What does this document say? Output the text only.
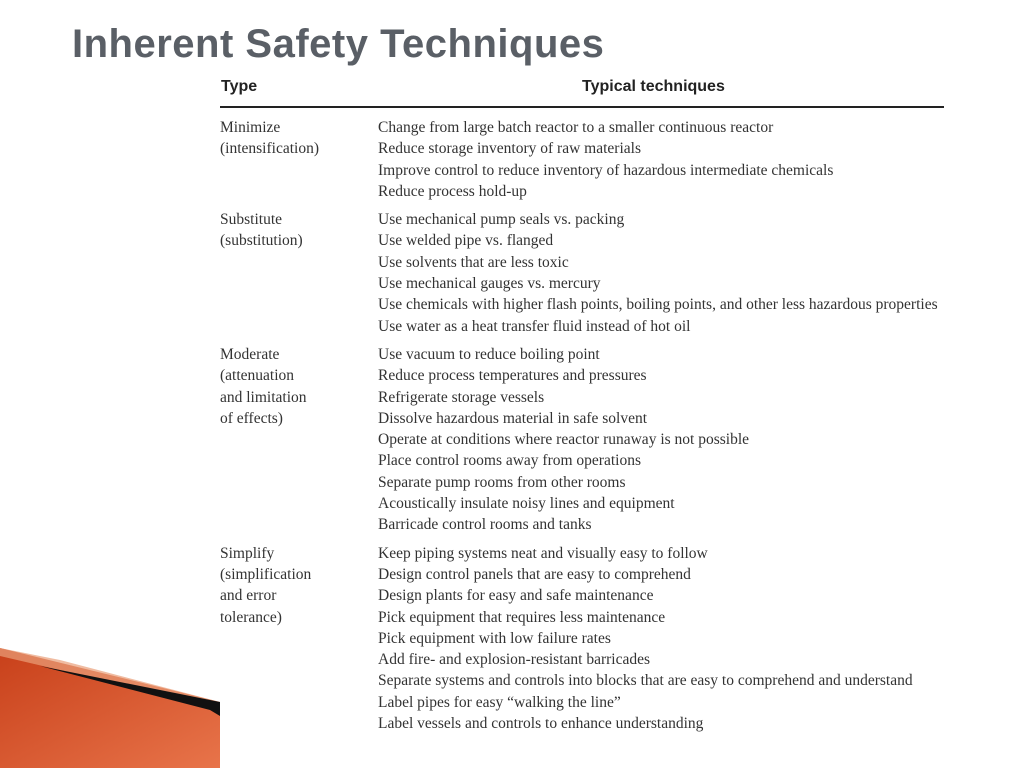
Inherent Safety Techniques
Type	Typical techniques
Minimize
(intensification)
Change from large batch reactor to a smaller continuous reactor
Reduce storage inventory of raw materials
Improve control to reduce inventory of hazardous intermediate chemicals
Reduce process hold-up
Substitute
(substitution)
Use mechanical pump seals vs. packing
Use welded pipe vs. flanged
Use solvents that are less toxic
Use mechanical gauges vs. mercury
Use chemicals with higher flash points, boiling points, and other less hazardous properties
Use water as a heat transfer fluid instead of hot oil
Moderate
(attenuation
and limitation
of effects)
Use vacuum to reduce boiling point
Reduce process temperatures and pressures
Refrigerate storage vessels
Dissolve hazardous material in safe solvent
Operate at conditions where reactor runaway is not possible
Place control rooms away from operations
Separate pump rooms from other rooms
Acoustically insulate noisy lines and equipment
Barricade control rooms and tanks
Simplify
(simplification
and error
tolerance)
Keep piping systems neat and visually easy to follow
Design control panels that are easy to comprehend
Design plants for easy and safe maintenance
Pick equipment that requires less maintenance
Pick equipment with low failure rates
Add fire- and explosion-resistant barricades
Separate systems and controls into blocks that are easy to comprehend and understand
Label pipes for easy “walking the line”
Label vessels and controls to enhance understanding
